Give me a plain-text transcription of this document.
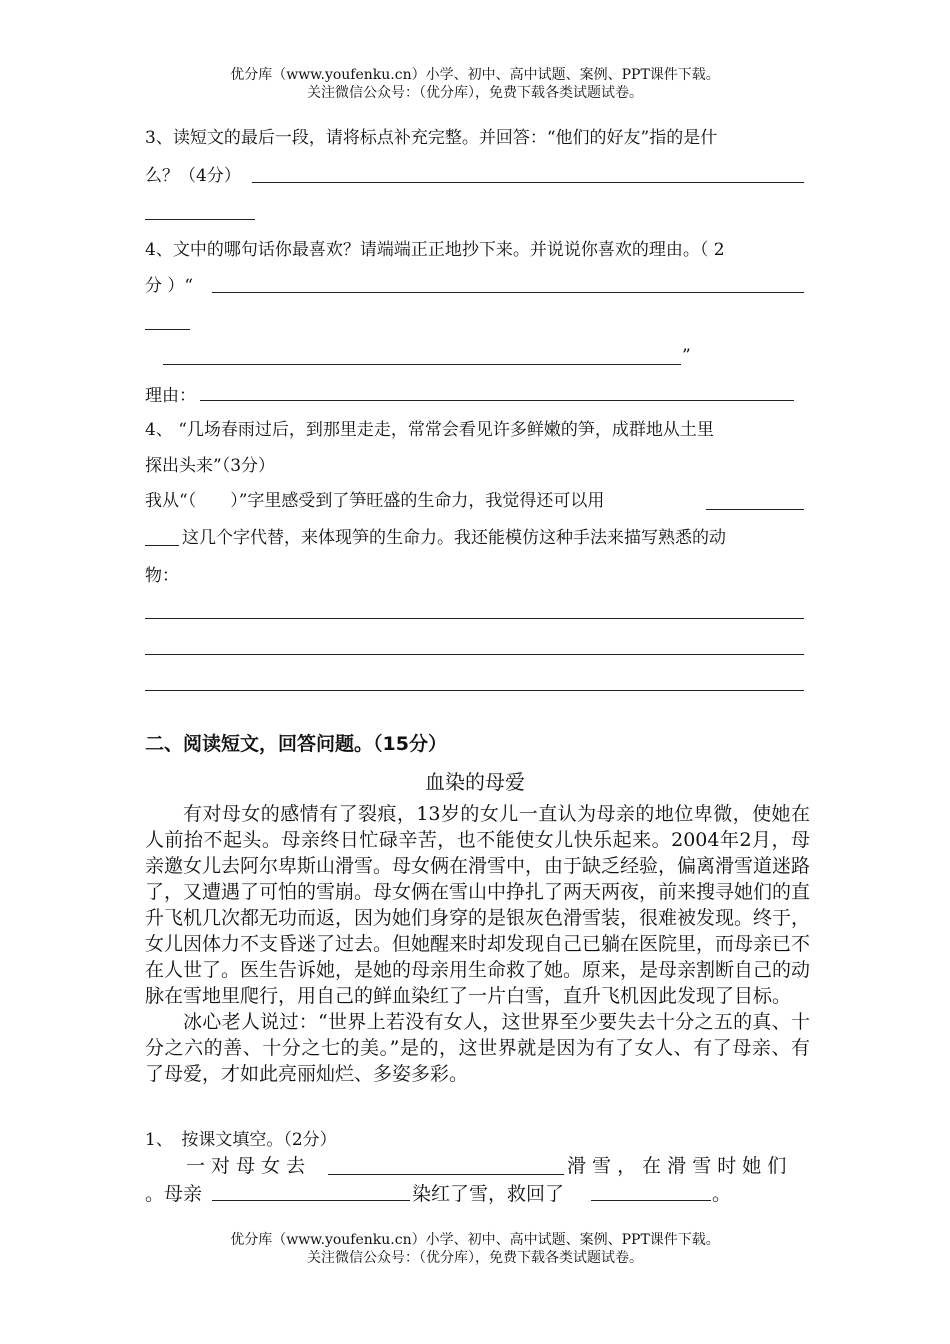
优分库（www.youfenku.cn）小学、初中、高中试题、案例、PPT课件下载。
关注微信公众号：（优分库），免费下载各类试题试卷。
3、读短文的最后一段，请将标点补充完整。并回答：“他们的好友”指的是什
么？（4分）
4、文中的哪句话你最喜欢？请端端正正地抄下来。并说说你喜欢的理由。（ 2
分 ）“
”
理由：
4、 “几场春雨过后，到那里走走，常常会看见许多鲜嫩的笋，成群地从土里
探出头来”（3分）
我从“（　　）”字里感受到了笋旺盛的生命力，我觉得还可以用
这几个字代替，来体现笋的生命力。我还能模仿这种手法来描写熟悉的动
物：
二、阅读短文，回答问题。（15分）
血染的母爱

有对母女的感情有了裂痕，13岁的女儿一直认为母亲的地位卑微，使她在人前抬不起头。母亲终日忙碌辛苦，也不能使女儿快乐起来。2004年2月，母亲邀女儿去阿尔卑斯山滑雪。母女俩在滑雪中，由于缺乏经验，偏离滑雪道迷路了，又遭遇了可怕的雪崩。母女俩在雪山中挣扎了两天两夜，前来搜寻她们的直升飞机几次都无功而返，因为她们身穿的是银灰色滑雪装，很难被发现。终于，女儿因体力不支昏迷了过去。但她醒来时却发现自己已躺在医院里，而母亲已不在人世了。医生告诉她，是她的母亲用生命救了她。原来，是母亲割断自己的动脉在雪地里爬行，用自己的鲜血染红了一片白雪，直升飞机因此发现了目标。

冰心老人说过：“世界上若没有女人，这世界至少要失去十分之五的真、十分之六的善、十分之七的美。”是的，这世界就是因为有了女人、有了母亲、有了母爱，才如此亮丽灿烂、多姿多彩。

1、　按课文填空。（2分）
一 对 母 女 去	滑 雪 ， 在 滑 雪 时 她 们
。母亲	染红了雪，救回了	。
优分库（www.youfenku.cn）小学、初中、高中试题、案例、PPT课件下载。
关注微信公众号：（优分库），免费下载各类试题试卷。
